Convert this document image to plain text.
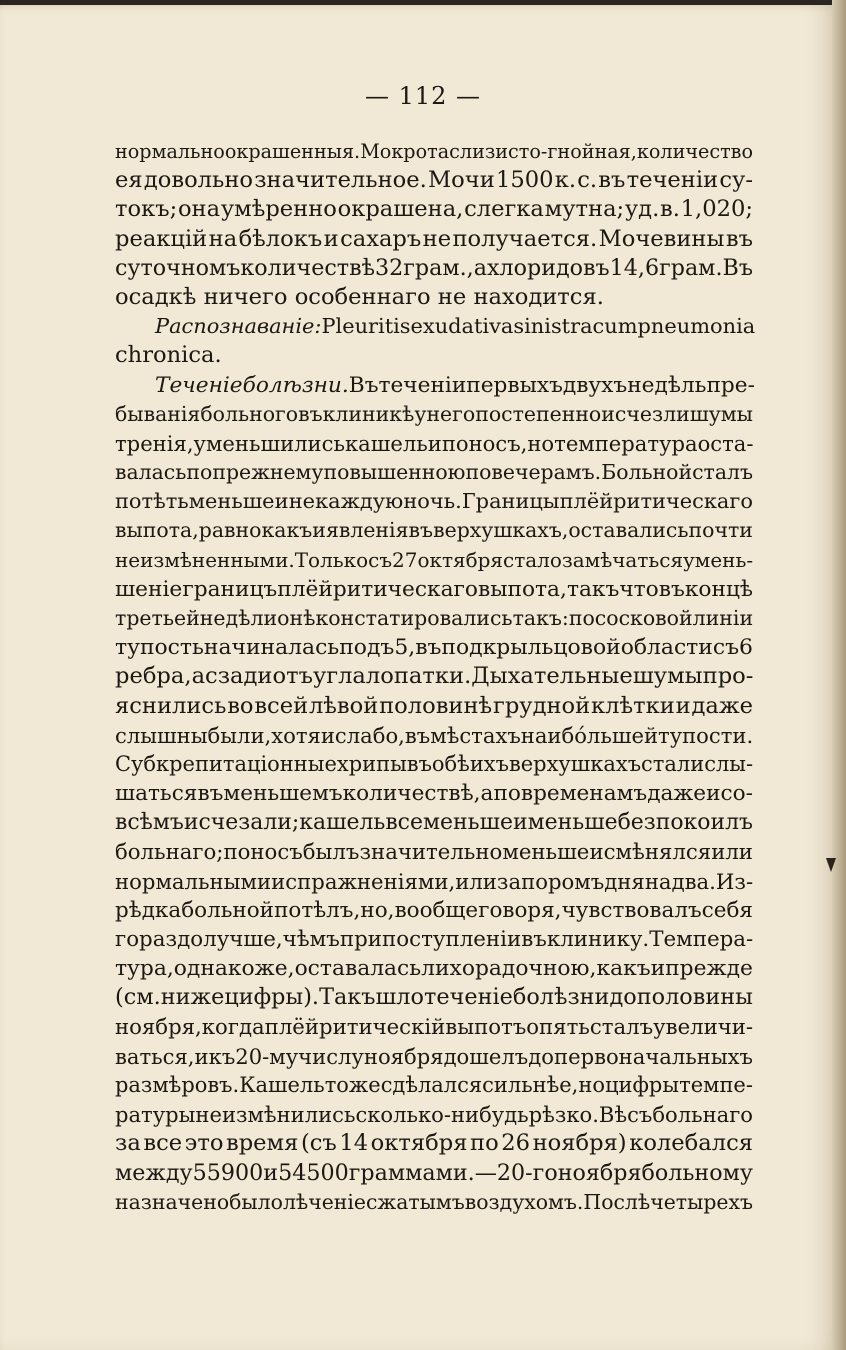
— 112 —
нормально окрашенныя. Мокрота слизисто-гнойная, количество
ея довольно значительное. Мочи 1500 к. с. въ теченіи су-
токъ; она умѣренно окрашена, слегка мутна; уд. в. 1,020;
реакцій на бѣлокъ и сахаръ не получается. Мочевины въ
суточномъ количествѣ 32 грам., а хлоридовъ 14,6 грам. Въ
осадкѣ ничего особеннаго не находится.
Распознаваніе: Pleuritis exudativa sinistra cum pneumonia
chronica.
Теченіе болѣзни. Въ теченіи первыхъ двухъ недѣль пре-
быванія больного въ клиникѣ у него постепенно исчезли шумы
тренія, уменьшились кашель и поносъ, но температура оста-
валась по прежнему повышенною по вечерамъ. Больной сталъ
потѣть меньше и не каждую ночь. Границы плёйритическаго
выпота, равно какъ и явленія въ верхушкахъ, оставались почти
неизмѣненными. Только съ 27 октября стало замѣчаться умень-
шеніе границъ плёйритическаго выпота, такъ что въ концѣ
третьей недѣли онѣ констатировались такъ: по сосковой линіи
тупость начиналась подъ 5, въ подкрыльцовой области съ 6
ребра, а сзади отъ угла лопатки. Дыхательные шумы про-
яснились во всей лѣвой половинѣ грудной клѣтки и даже
слышны были, хотя и слабо, въ мѣстахъ наибóльшей тупости.
Субкрепитаціонные хрипы въ обѣихъ верхушкахъ стали слы-
шаться въ меньшемъ количествѣ, а по временамъ даже и со-
всѣмъ исчезали; кашель все меньше и меньше безпокоилъ
больнаго; поносъ былъ значительно меньше и смѣнялся или
нормальными испражненіями, или запоромъ дня на два. Из-
рѣдка больной потѣлъ, но, вообще говоря, чувствовалъ себя
гораздо лучше, чѣмъ при поступленіи въ клинику. Темпера-
тура, однако же, оставалась лихорадочною, какъ и прежде
(см. ниже цифры). Такъ шло теченіе болѣзни до половины
ноября, когда плёйритическій выпотъ опять сталъ увеличи-
ваться, и къ 20-му числу ноября дошелъ до первоначальныхъ
размѣровъ. Кашель тоже сдѣлался сильнѣе, но цифры темпе-
ратуры не измѣнились сколько-нибудь рѣзко. Вѣсъ больнаго
за все это время (съ 14 октября по 26 ноября) колебался
между 55900 и 54500 граммами.—20-го ноября больному
назначено было лѣченіе сжатымъ воздухомъ. Послѣ четырехъ
